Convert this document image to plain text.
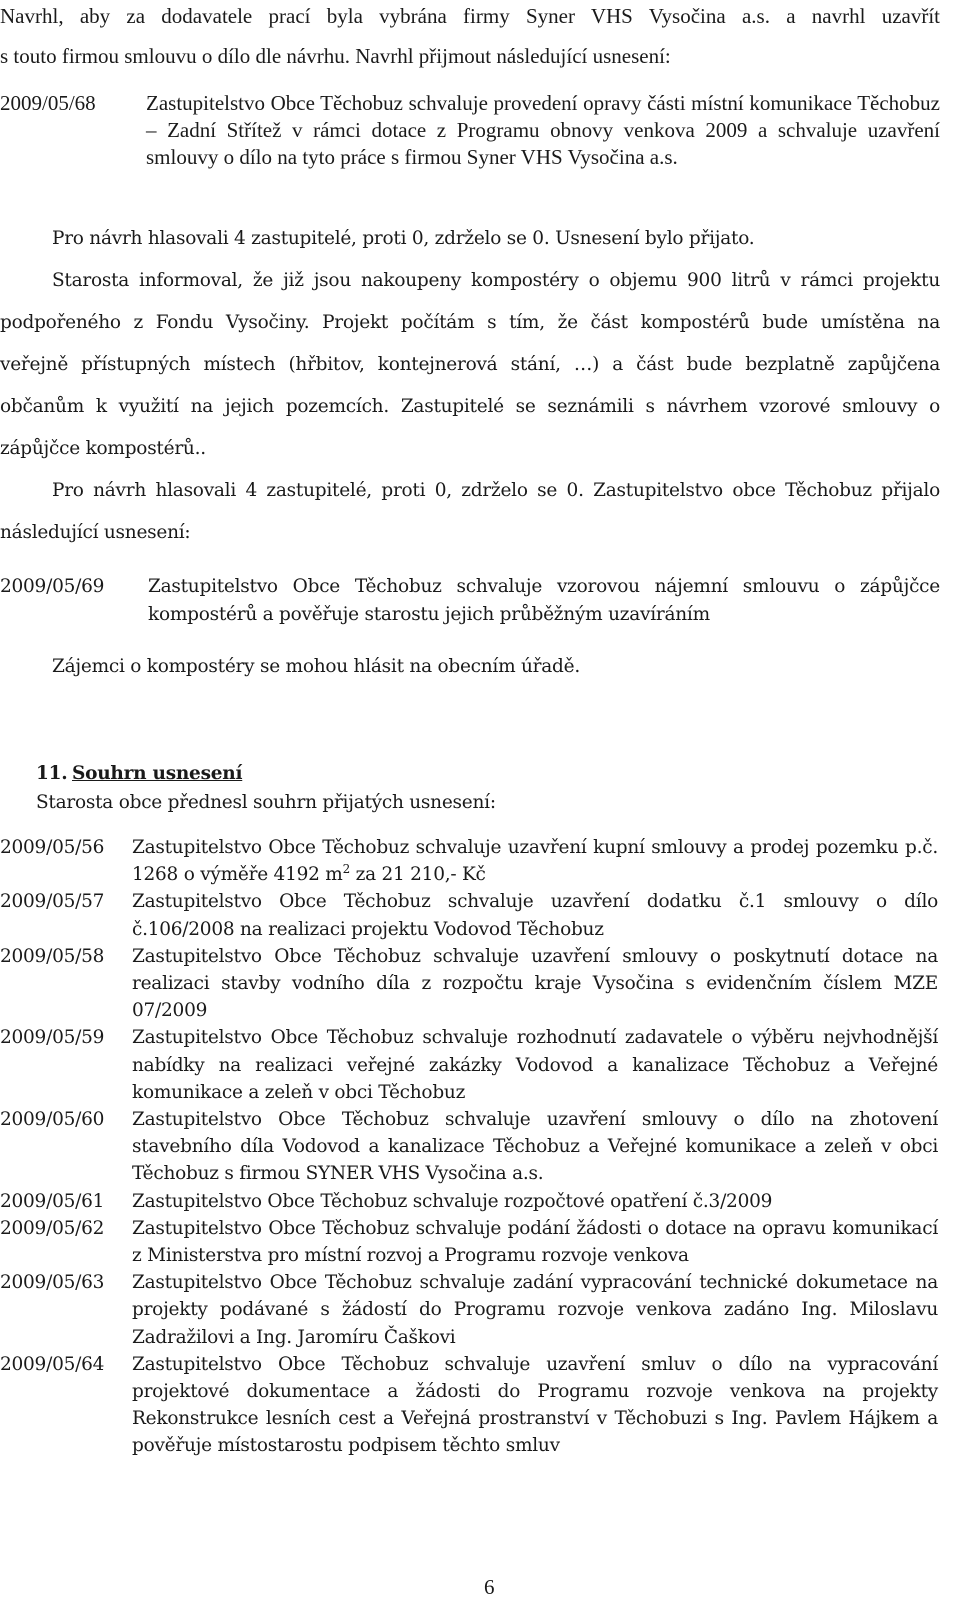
Navrhl, aby za dodavatele prací byla vybrána firmy Syner VHS Vysočina a.s. a navrhl uzavřít

s touto firmou smlouvu o dílo dle návrhu. Navrhl přijmout následující usnesení:

2009/05/68	Zastupitelstvo Obce Těchobuz schvaluje provedení opravy části místní komunikace Těchobuz – Zadní Střítež v rámci dotace z Programu obnovy venkova 2009 a schvaluje uzavření smlouvy o dílo na tyto práce s firmou Syner VHS Vysočina a.s.

Pro návrh hlasovali 4 zastupitelé, proti 0, zdrželo se 0. Usnesení bylo přijato.

Starosta informoval, že již jsou nakoupeny kompostéry o objemu 900 litrů v rámci projektu
podpořeného z Fondu Vysočiny. Projekt počítám s tím, že část kompostérů bude umístěna na
veřejně přístupných místech (hřbitov, kontejnerová stání, …) a část bude bezplatně zapůjčena
občanům k využití na jejich pozemcích. Zastupitelé se seznámili s návrhem vzorové smlouvy o
zápůjčce kompostérů..

Pro návrh hlasovali 4 zastupitelé, proti 0, zdrželo se 0. Zastupitelstvo obce Těchobuz přijalo

následující usnesení:

2009/05/69 Zastupitelstvo Obce Těchobuz schvaluje vzorovou nájemní smlouvu o zápůjčce

kompostérů a pověřuje starostu jejich průběžným uzavíráním

Zájemci o kompostéry se mohou hlásit na obecním úřadě.

11. Souhrn usnesení

Starosta obce přednesl souhrn přijatých usnesení:

2009/05/56	Zastupitelstvo Obce Těchobuz schvaluje uzavření kupní smlouvy a prodej pozemku p.č. 1268 o výměře 4192 $m^2$ za 21 210,- Kč
2009/05/57	Zastupitelstvo Obce Těchobuz schvaluje uzavření dodatku č.1 smlouvy o dílo č.106/2008 na realizaci projektu Vodovod Těchobuz
2009/05/58	Zastupitelstvo Obce Těchobuz schvaluje uzavření smlouvy o poskytnutí dotace na realizaci stavby vodního díla z rozpočtu kraje Vysočina s evidenčním číslem MZE 07/2009
2009/05/59	Zastupitelstvo Obce Těchobuz schvaluje rozhodnutí zadavatele o výběru nejvhodnější nabídky na realizaci veřejné zakázky Vodovod a kanalizace Těchobuz a Veřejné komunikace a zeleň v obci Těchobuz
2009/05/60	Zastupitelstvo Obce Těchobuz schvaluje uzavření smlouvy o dílo na zhotovení stavebního díla Vodovod a kanalizace Těchobuz a Veřejné komunikace a zeleň v obci Těchobuz s firmou SYNER VHS Vysočina a.s.
2009/05/61	Zastupitelstvo Obce Těchobuz schvaluje rozpočtové opatření č.3/2009
2009/05/62	Zastupitelstvo Obce Těchobuz schvaluje podání žádosti o dotace na opravu komunikací z Ministerstva pro místní rozvoj a Programu rozvoje venkova
2009/05/63	Zastupitelstvo Obce Těchobuz schvaluje zadání vypracování technické dokumetace na projekty podávané s žádostí do Programu rozvoje venkova zadáno Ing. Miloslavu Zadražilovi a Ing. Jaromíru Čaškovi
2009/05/64	Zastupitelstvo Obce Těchobuz schvaluje uzavření smluv o dílo na vypracování projektové dokumentace a žádosti do Programu rozvoje venkova na projekty Rekonstrukce lesních cest a Veřejná prostranství v Těchobuzi s Ing. Pavlem Hájkem a pověřuje místostarostu podpisem těchto smluv

6
